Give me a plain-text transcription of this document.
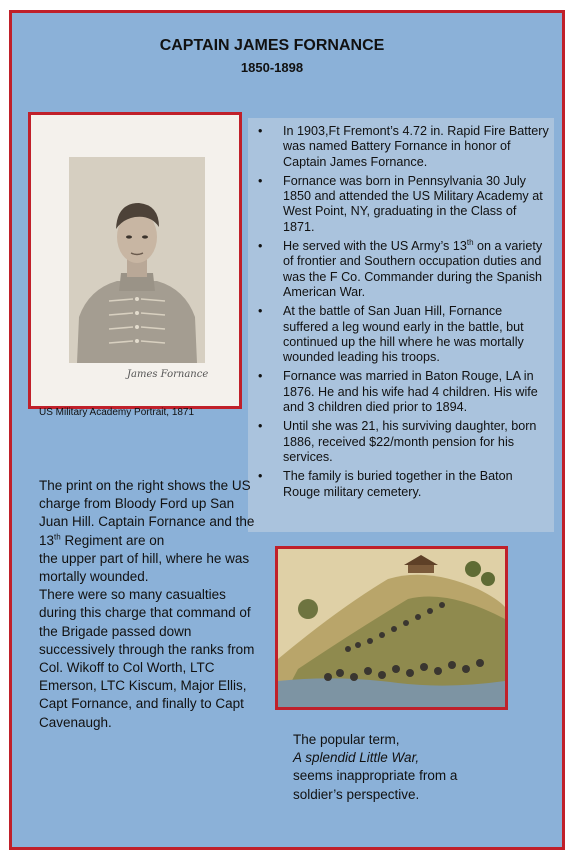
CAPTAIN JAMES FORNANCE
1850-1898
James Fornance
US Military Academy Portrait, 1871
• In 1903,Ft Fremont’s 4.72 in. Rapid Fire Battery was named Battery Fornance in honor of Captain James Fornance.
• Fornance was born in Pennsylvania 30 July 1850 and attended the US Military Academy at West Point, NY, graduating in the Class of 1871.
• He served with the US Army’s 13th on a variety of frontier and Southern occupation duties and was the F Co. Commander during the Spanish American War.
• At the battle of San Juan Hill, Fornance suffered a leg wound early in the battle, but continued up the hill where he was mortally wounded leading his troops.
• Fornance was married in Baton Rouge, LA in 1876. He and his wife had 4 children. His wife and 3 children died prior to 1894.
• Until she was 21, his surviving daughter, born 1886, received $22/month pension for his services.
• The family is buried together in the Baton Rouge military cemetery.

The print on the right shows the US charge from Bloody Ford up San Juan Hill. Captain Fornance and the 13th Regiment are on

the upper part of hill, where he was mortally wounded.

There were so many casualties during this charge that command of the Brigade passed down successively through the ranks from Col. Wikoff to Col Worth, LTC Emerson, LTC Kiscum, Major Ellis, Capt Fornance, and finally to Capt Cavenaugh.

The popular term,

A splendid Little War,

seems inappropriate from a soldier’s perspective.
